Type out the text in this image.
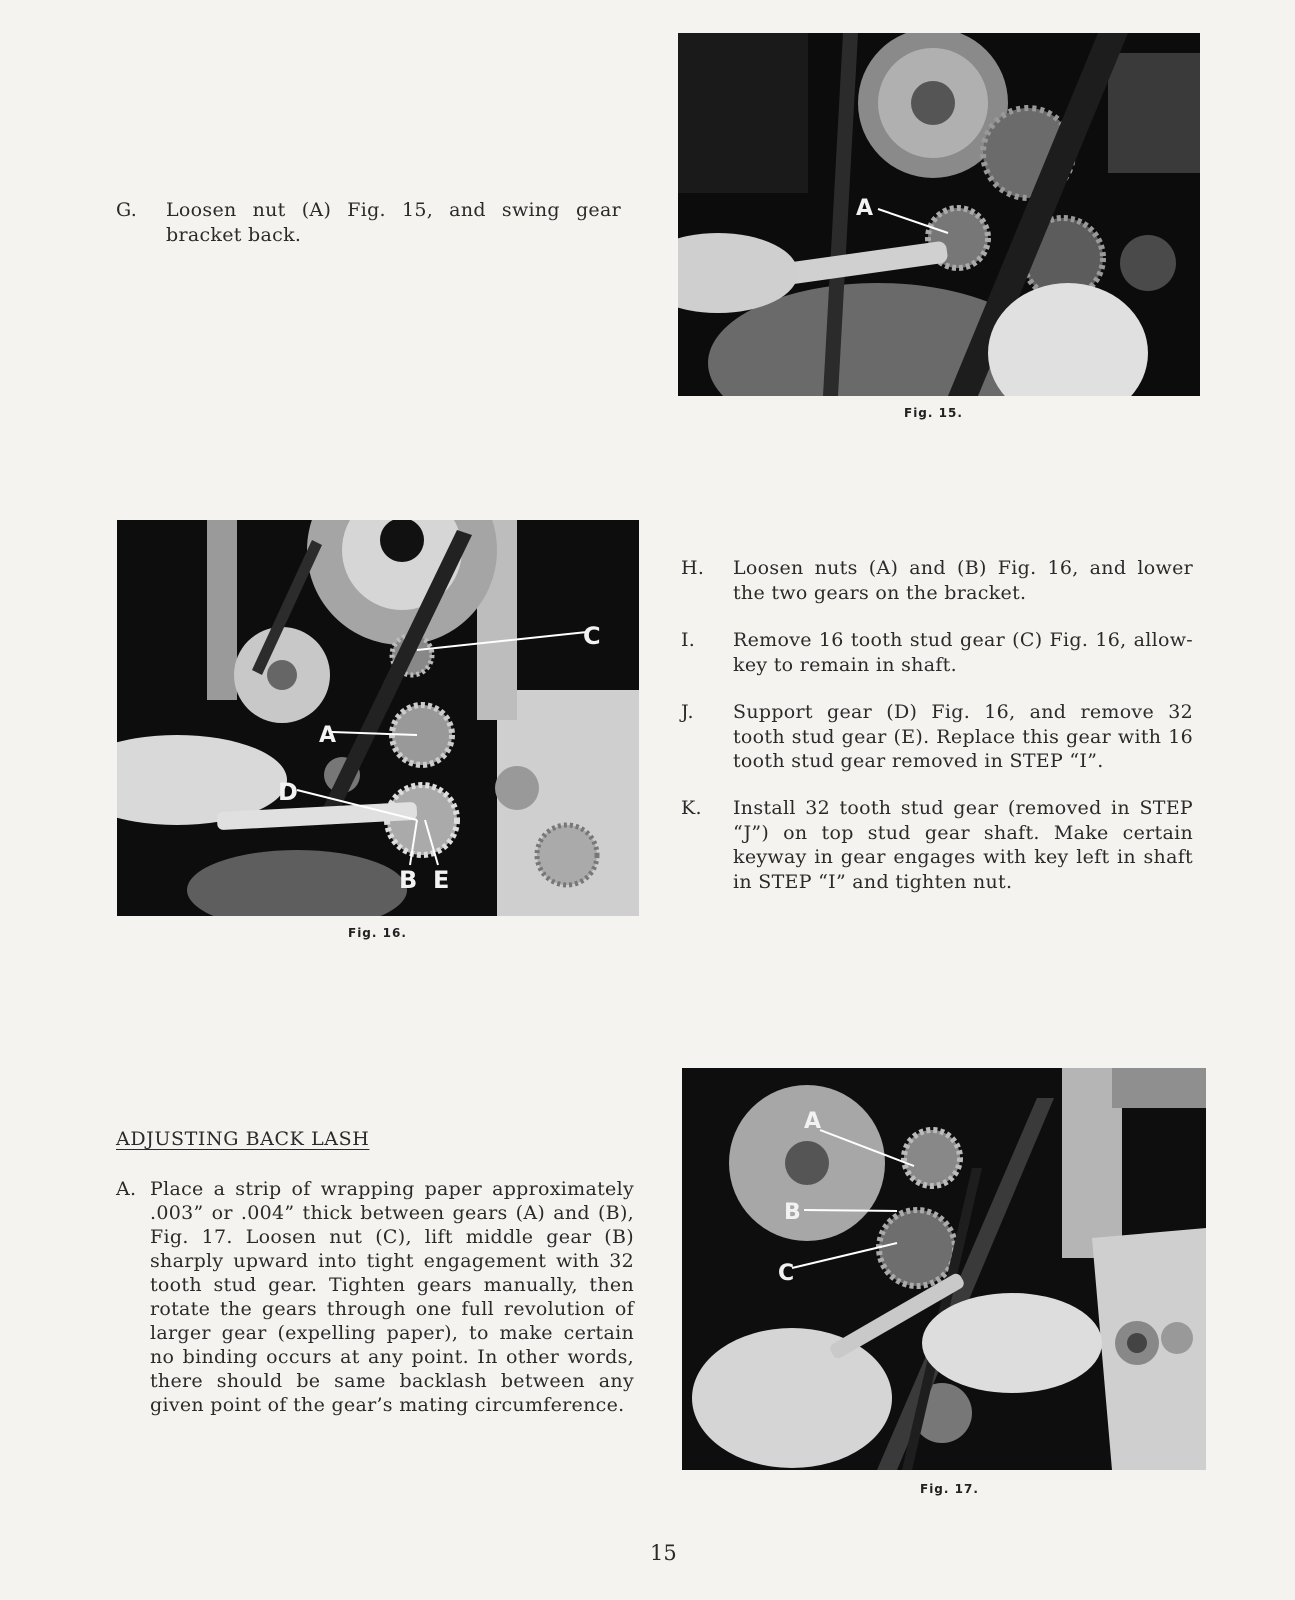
G. Loosen nut (A) Fig. 15, and swing gear bracket back.
A
Fig. 15.
A
C
D
B E
Fig. 16.
H. Loosen nuts (A) and (B) Fig. 16, and lower the two gears on the bracket.
I. Remove 16 tooth stud gear (C) Fig. 16, allow-key to remain in shaft.
J. Support gear (D) Fig. 16, and remove 32 tooth stud gear (E). Replace this gear with 16 tooth stud gear removed in STEP “I”.
K. Install 32 tooth stud gear (removed in STEP “J”) on top stud gear shaft. Make certain keyway in gear engages with key left in shaft in STEP “I” and tighten nut.
ADJUSTING BACK LASH
A. Place a strip of wrapping paper approximately .003” or .004” thick between gears (A) and (B), Fig. 17. Loosen nut (C), lift middle gear (B) sharply upward into tight engagement with 32 tooth stud gear. Tighten gears manually, then rotate the gears through one full revolution of larger gear (expelling paper), to make certain no binding occurs at any point. In other words, there should be same backlash between any given point of the gear’s mating circumference.
A
B
C
Fig. 17.
15
